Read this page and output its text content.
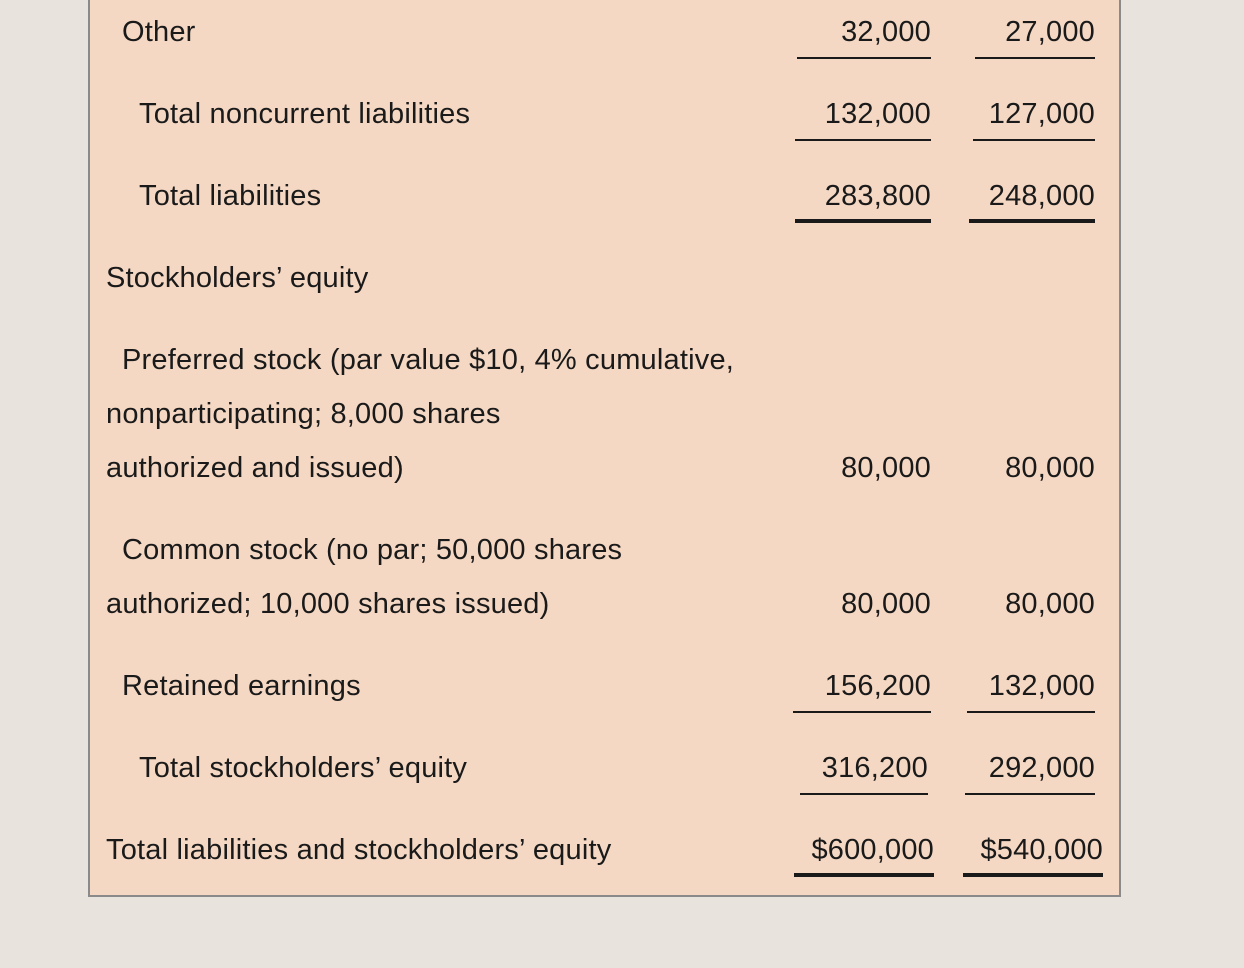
Other	32,000	27,000
Total noncurrent liabilities	132,000	127,000
Total liabilities	283,800	248,000
Stockholders’ equity
Preferred stock (par value $10, 4% cumulative,
nonparticipating; 8,000 shares
authorized and issued)	80,000	80,000
Common stock (no par; 50,000 shares
authorized; 10,000 shares issued)	80,000	80,000
Retained earnings	156,200	132,000
Total stockholders’ equity	316,200	292,000
Total liabilities and stockholders’ equity	$600,000	$540,000
